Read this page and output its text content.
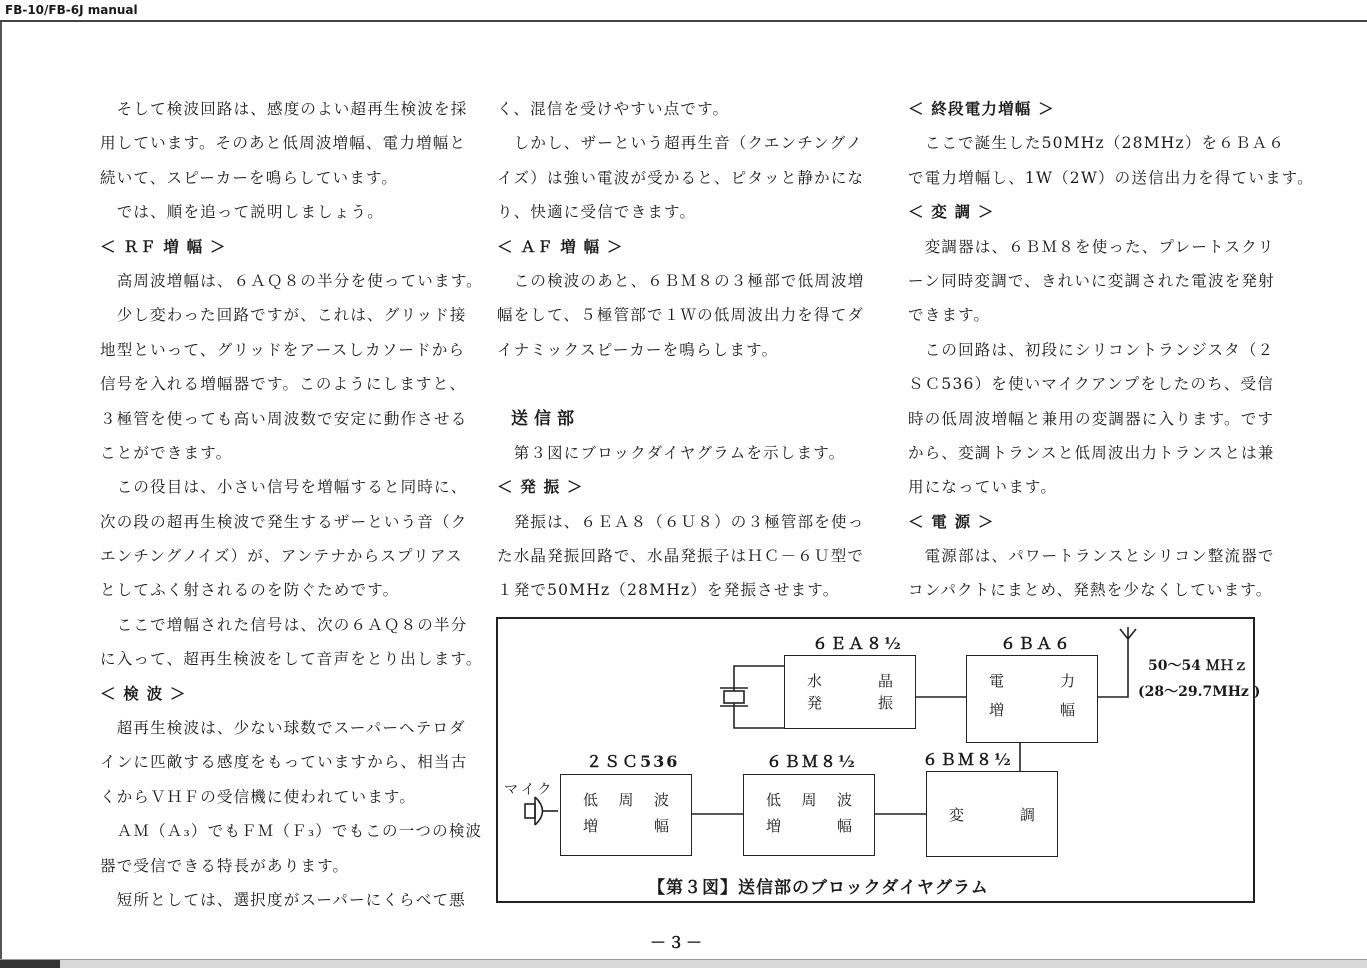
FB-10/FB-6J manual
　そして検波回路は、感度のよい超再生検波を採
用しています。そのあと低周波増幅、電力増幅と
続いて、スピーカーを鳴らしています。
　では、順を追って説明しましょう。
＜ ＲＦ 増 幅 ＞
　高周波増幅は、６ＡＱ８の半分を使っています。
　少し変わった回路ですが、これは、グリッド接
地型といって、グリッドをアースしカソードから
信号を入れる増幅器です。このようにしますと、
３極管を使っても高い周波数で安定に動作させる
ことができます。
　この役目は、小さい信号を増幅すると同時に、
次の段の超再生検波で発生するザーという音（ク
エンチングノイズ）が、アンテナからスプリアス
としてふく射されるのを防ぐためです。
　ここで増幅された信号は、次の６ＡＱ８の半分
に入って、超再生検波をして音声をとり出します。
＜ 検 波 ＞
　超再生検波は、少ない球数でスーパーヘテロダ
インに匹敵する感度をもっていますから、相当古
くからＶＨＦの受信機に使われています。
　ＡＭ（Ａ₃）でもＦＭ（Ｆ₃）でもこの一つの検波
器で受信できる特長があります。
　短所としては、選択度がスーパーにくらべて悪
く、混信を受けやすい点です。
　しかし、ザーという超再生音（クエンチングノ
イズ）は強い電波が受かると、ピタッと静かにな
り、快適に受信できます。
＜ ＡＦ 増 幅 ＞
　この検波のあと、６ＢＭ８の３極部で低周波増
幅をして、５極管部で１Ｗの低周波出力を得てダ
イナミックスピーカーを鳴らします。
送信部
　第３図にブロックダイヤグラムを示します。
＜ 発 振 ＞
　発振は、６ＥＡ８（６Ｕ８）の３極管部を使っ
た水晶発振回路で、水晶発振子はＨＣ－６Ｕ型で
１発で50MHz（28MHz）を発振させます。
＜ 終段電力増幅 ＞
　ここで誕生した50MHz（28MHz）を６ＢＡ６
で電力増幅し、1W（2W）の送信出力を得ています。
＜ 変 調 ＞
　変調器は、６ＢＭ８を使った、プレートスクリ
ーン同時変調で、きれいに変調された電波を発射
できます。
　この回路は、初段にシリコントランジスタ（２
ＳＣ536）を使いマイクアンプをしたのち、受信
時の低周波増幅と兼用の変調器に入ります。です
から、変調トランスと低周波出力トランスとは兼
用になっています。
＜ 電 源 ＞
　電源部は、パワートランスとシリコン整流器で
コンパクトにまとめ、発熱を少なくしています。
６ＥＡ８½
水	晶
発	振
６ＢＡ６
電	力
増	幅
50～54 ＭＨｚ
(28～29.7MHz )
２ＳＣ536
低	周	波
増	幅
６ＢＭ８½
低	周	波
増	幅
６ＢＭ８½
変	調
マイク
【第３図】送信部のブロックダイヤグラム
－３－
